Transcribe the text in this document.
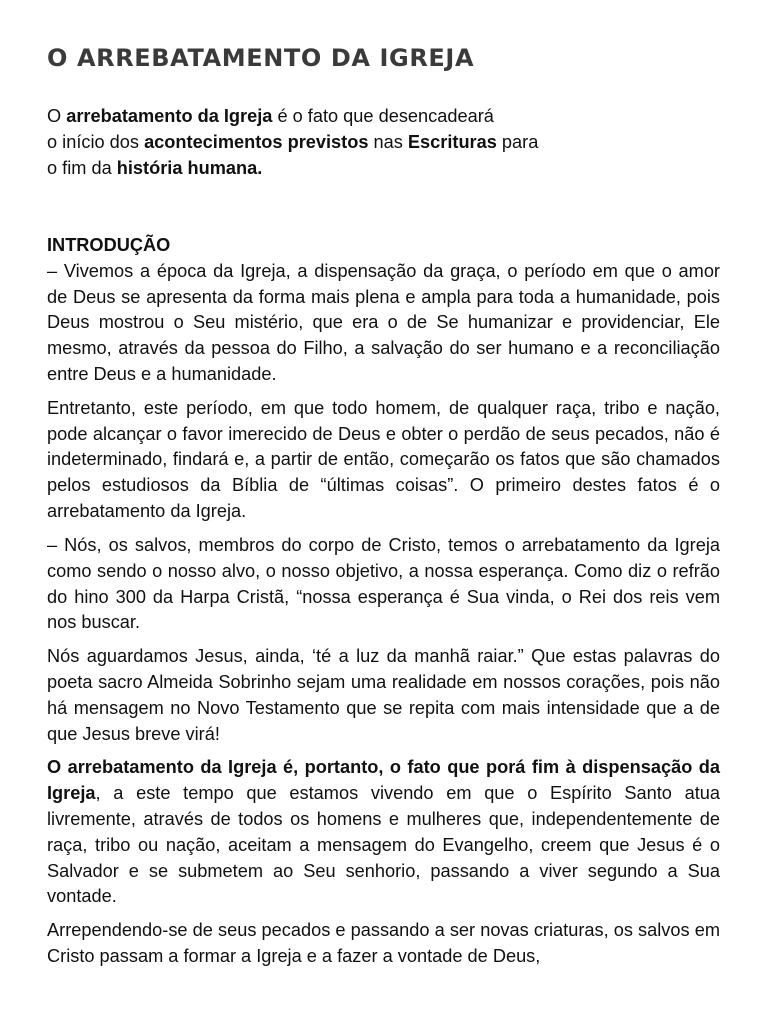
O ARREBATAMENTO DA IGREJA
O arrebatamento da Igreja é o fato que desencadeará
o início dos acontecimentos previstos nas Escrituras para
o fim da história humana.
INTRODUÇÃO

– Vivemos a época da Igreja, a dispensação da graça, o período em que o amor de Deus se apresenta da forma mais plena e ampla para toda a humanidade, pois Deus mostrou o Seu mistério, que era o de Se humanizar e providenciar, Ele mesmo, através da pessoa do Filho, a salvação do ser humano e a reconciliação entre Deus e a humanidade.

Entretanto, este período, em que todo homem, de qualquer raça, tribo e nação, pode alcançar o favor imerecido de Deus e obter o perdão de seus pecados, não é indeterminado, findará e, a partir de então, começarão os fatos que são chamados pelos estudiosos da Bíblia de “últimas coisas”. O primeiro destes fatos é o arrebatamento da Igreja.

– Nós, os salvos, membros do corpo de Cristo, temos o arrebatamento da Igreja como sendo o nosso alvo, o nosso objetivo, a nossa esperança. Como diz o refrão do hino 300 da Harpa Cristã, “nossa esperança é Sua vinda, o Rei dos reis vem nos buscar.

Nós aguardamos Jesus, ainda, ‘té a luz da manhã raiar.” Que estas palavras do poeta sacro Almeida Sobrinho sejam uma realidade em nossos corações, pois não há mensagem no Novo Testamento que se repita com mais intensidade que a de que Jesus breve virá!

O arrebatamento da Igreja é, portanto, o fato que porá fim à dispensação da Igreja, a este tempo que estamos vivendo em que o Espírito Santo atua livremente, através de todos os homens e mulheres que, independentemente de raça, tribo ou nação, aceitam a mensagem do Evangelho, creem que Jesus é o Salvador e se submetem ao Seu senhorio, passando a viver segundo a Sua vontade.

Arrependendo-se de seus pecados e passando a ser novas criaturas, os salvos em Cristo passam a formar a Igreja e a fazer a vontade de Deus,
